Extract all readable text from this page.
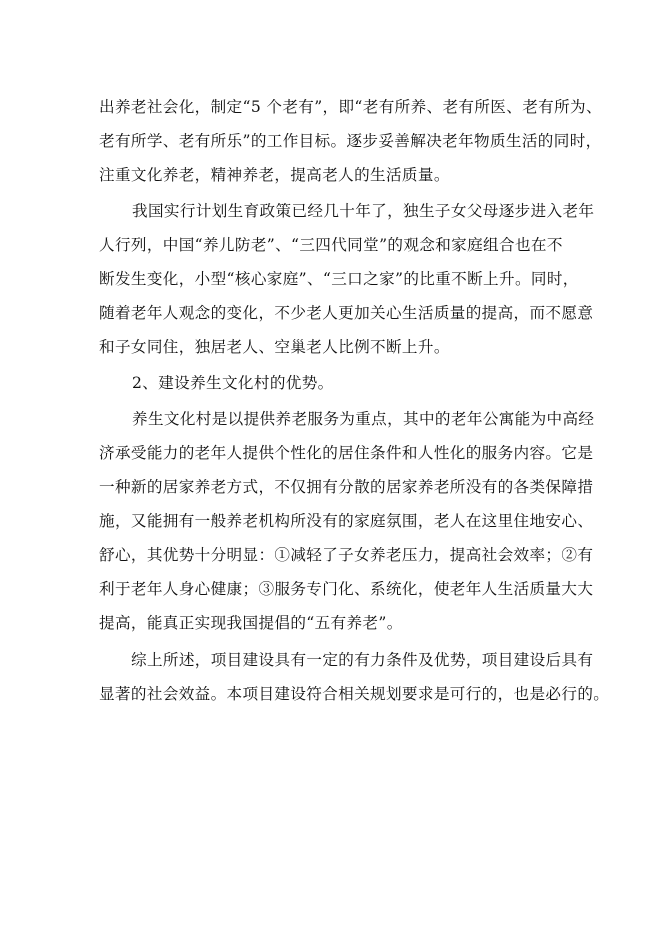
出养老社会化，制定“5 个老有”，即“老有所养、老有所医、老有所为、
老有所学、老有所乐”的工作目标。逐步妥善解决老年物质生活的同时，
注重文化养老，精神养老，提高老人的生活质量。
我国实行计划生育政策已经几十年了，独生子女父母逐步进入老年
人行列，中国“养儿防老”、“三四代同堂”的观念和家庭组合也在不
断发生变化，小型“核心家庭”、“三口之家”的比重不断上升。同时，
随着老年人观念的变化，不少老人更加关心生活质量的提高，而不愿意
和子女同住，独居老人、空巢老人比例不断上升。
2、建设养生文化村的优势。
养生文化村是以提供养老服务为重点，其中的老年公寓能为中高经
济承受能力的老年人提供个性化的居住条件和人性化的服务内容。它是
一种新的居家养老方式，不仅拥有分散的居家养老所没有的各类保障措
施，又能拥有一般养老机构所没有的家庭氛围，老人在这里住地安心、
舒心，其优势十分明显：①减轻了子女养老压力，提高社会效率；②有
利于老年人身心健康；③服务专门化、系统化，使老年人生活质量大大
提高，能真正实现我国提倡的“五有养老”。
综上所述，项目建设具有一定的有力条件及优势，项目建设后具有
显著的社会效益。本项目建设符合相关规划要求是可行的，也是必行的。
